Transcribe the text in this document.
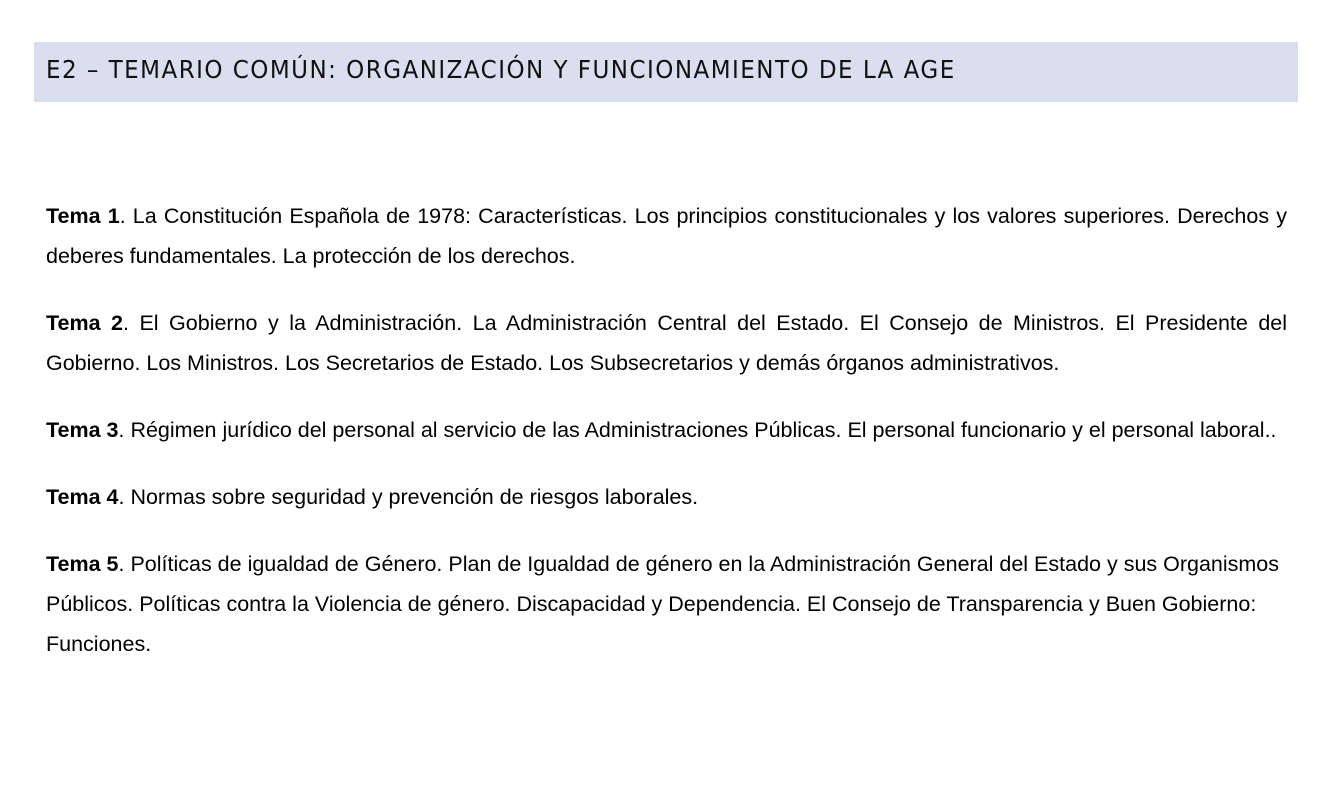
E2 – TEMARIO COMÚN: ORGANIZACIÓN Y FUNCIONAMIENTO DE LA AGE

Tema 1. La Constitución Española de 1978: Características. Los principios constitucionales y los valores superiores. Derechos y deberes fundamentales. La protección de los derechos.

Tema 2. El Gobierno y la Administración. La Administración Central del Estado. El Consejo de Ministros. El Presidente del Gobierno. Los Ministros. Los Secretarios de Estado. Los Subsecretarios y demás órganos administrativos.

Tema 3. Régimen jurídico del personal al servicio de las Administraciones Públicas. El personal funcionario y el personal laboral..

Tema 4. Normas sobre seguridad y prevención de riesgos laborales.

Tema 5. Políticas de igualdad de Género. Plan de Igualdad de género en la Administración General del Estado y sus Organismos Públicos. Políticas contra la Violencia de género. Discapacidad y Dependencia. El Consejo de Transparencia y Buen Gobierno: Funciones.
